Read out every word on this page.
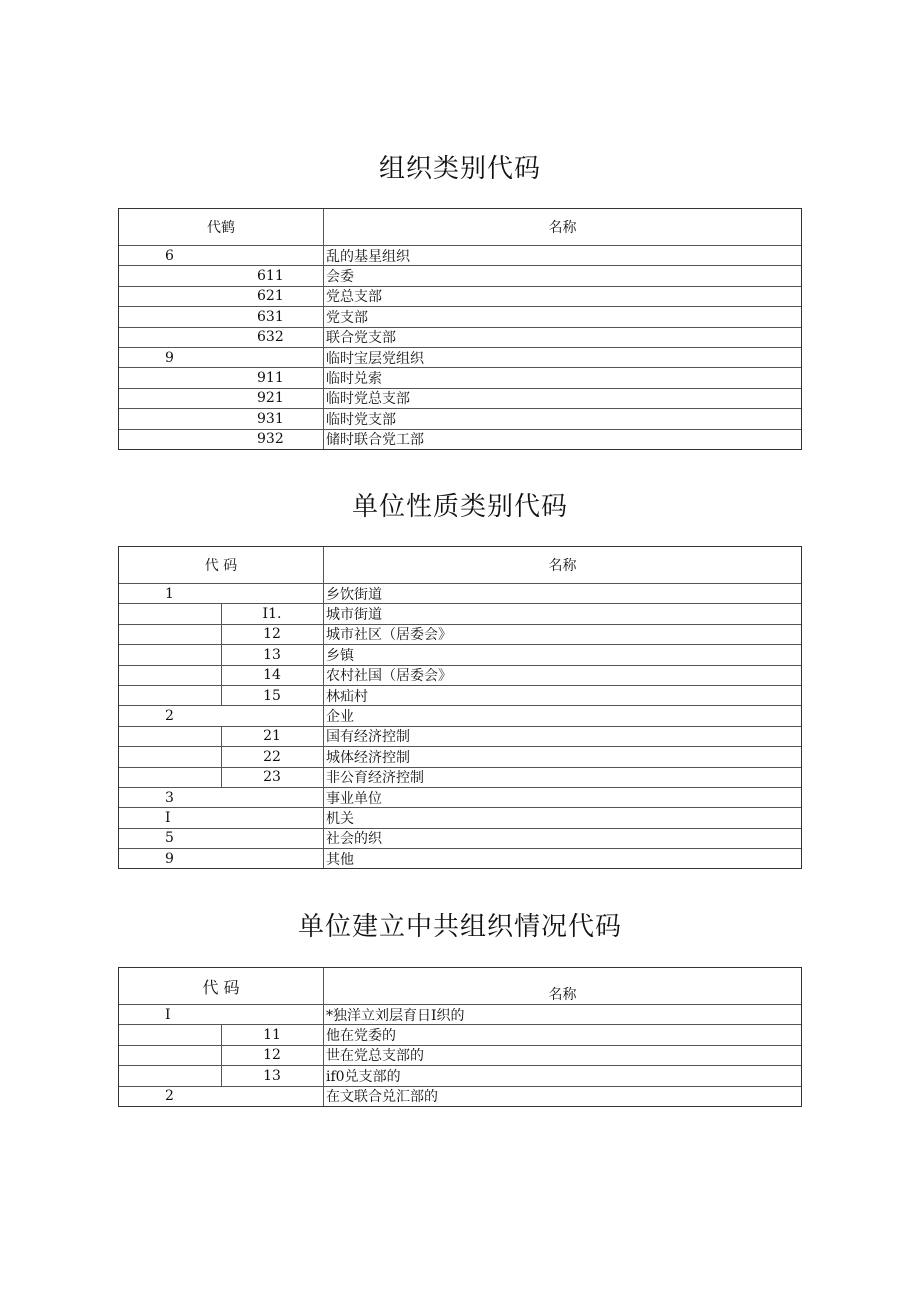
组织类别代码
代鹤	名称
6	乱的基星组织
611	会委
621	党总支部
631	党支部
632	联合党支部
9	临时宝层党组织
911	临时兑索
921	临时党总支部
931	临时党支部
932	储时联合党工部
单位性质类别代码
代 码	名称
1	乡饮街道
I1.	城市街道
12	城市社区（居委会》
13	乡镇
14	农村社国（居委会》
15	林疝村
2	企业
21	国有经济控制
22	城体经济控制
23	非公育经济控制
3	事业单位
I	机关
5	社会的织
9	其他
单位建立中共组织情况代码
代 码	名称
I	*独洋立刘层育日I织的
11	他在党委的
12	世在党总支部的
13	if0兑支部的
2	在文联合兑汇部的
